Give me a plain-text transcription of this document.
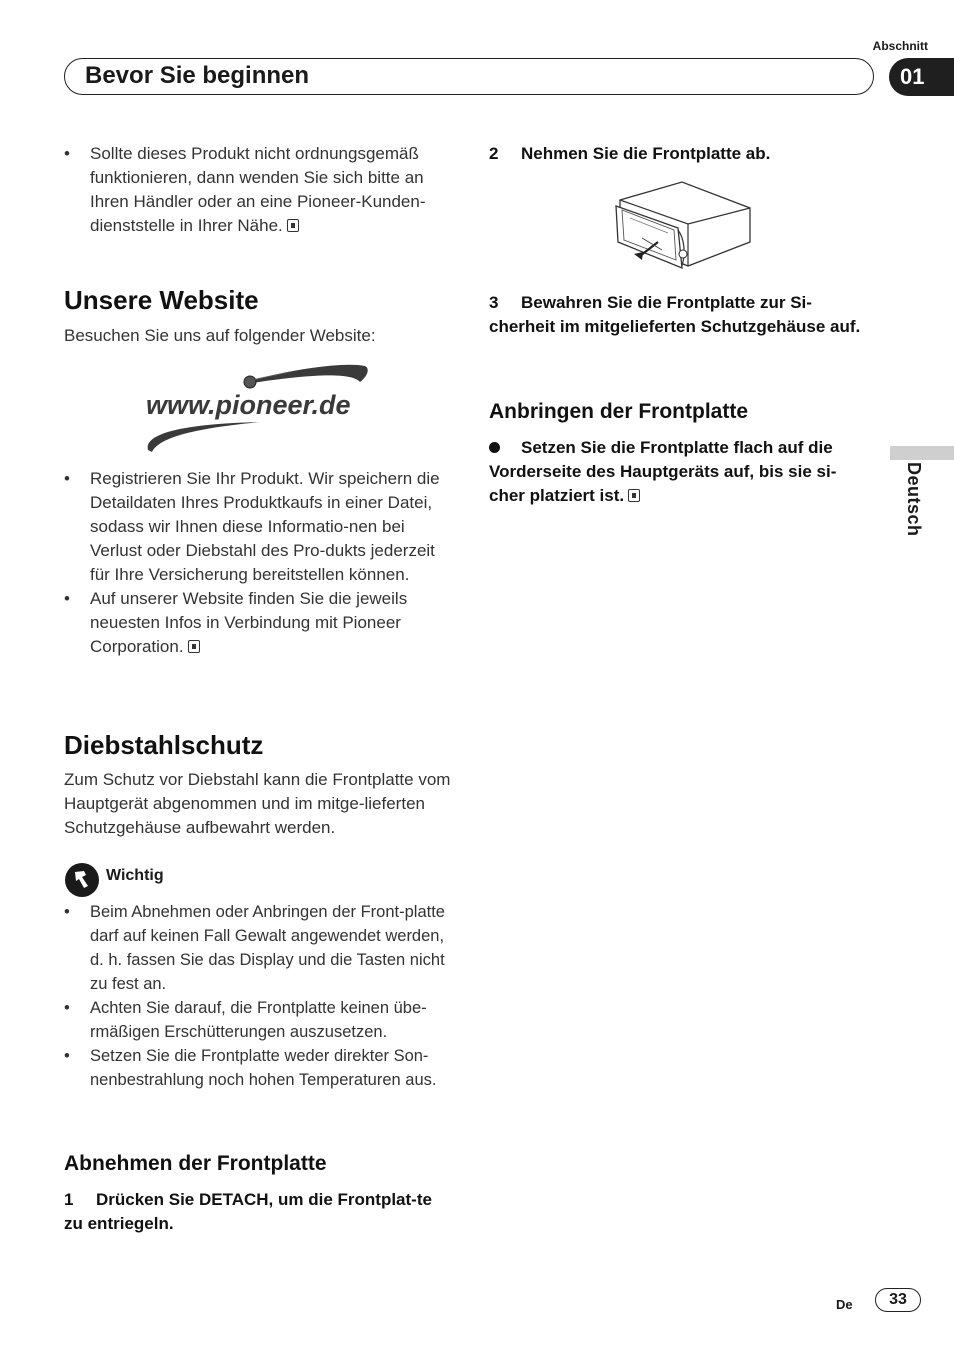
Abschnitt
Bevor Sie beginnen	01
Deutsch
• Sollte dieses Produkt nicht ordnungsgemäß funktionieren, dann wenden Sie sich bitte an Ihren Händler oder an eine Pioneer-Kunden-dienststelle in Ihrer Nähe.
Unsere Website
Besuchen Sie uns auf folgender Website:
www.pioneer.de
• Registrieren Sie Ihr Produkt. Wir speichern die Detaildaten Ihres Produktkaufs in einer Datei, sodass wir Ihnen diese Informatio-nen bei Verlust oder Diebstahl des Pro-dukts jederzeit für Ihre Versicherung bereitstellen können.
• Auf unserer Website finden Sie die jeweils neuesten Infos in Verbindung mit Pioneer Corporation.
Diebstahlschutz
Zum Schutz vor Diebstahl kann die Frontplatte vom Hauptgerät abgenommen und im mitge-lieferten Schutzgehäuse aufbewahrt werden.
Wichtig
• Beim Abnehmen oder Anbringen der Front-platte darf auf keinen Fall Gewalt angewendet werden, d. h. fassen Sie das Display und die Tasten nicht zu fest an.
• Achten Sie darauf, die Frontplatte keinen übe-rmäßigen Erschütterungen auszusetzen.
• Setzen Sie die Frontplatte weder direkter Son-nenbestrahlung noch hohen Temperaturen aus.
Abnehmen der Frontplatte
1 Drücken Sie DETACH, um die Frontplat-te zu entriegeln.
2 Nehmen Sie die Frontplatte ab.
3 Bewahren Sie die Frontplatte zur Si-cherheit im mitgelieferten Schutzgehäuse auf.
Anbringen der Frontplatte
Setzen Sie die Frontplatte flach auf die Vorderseite des Hauptgeräts auf, bis sie si-cher platziert ist.
De	33
